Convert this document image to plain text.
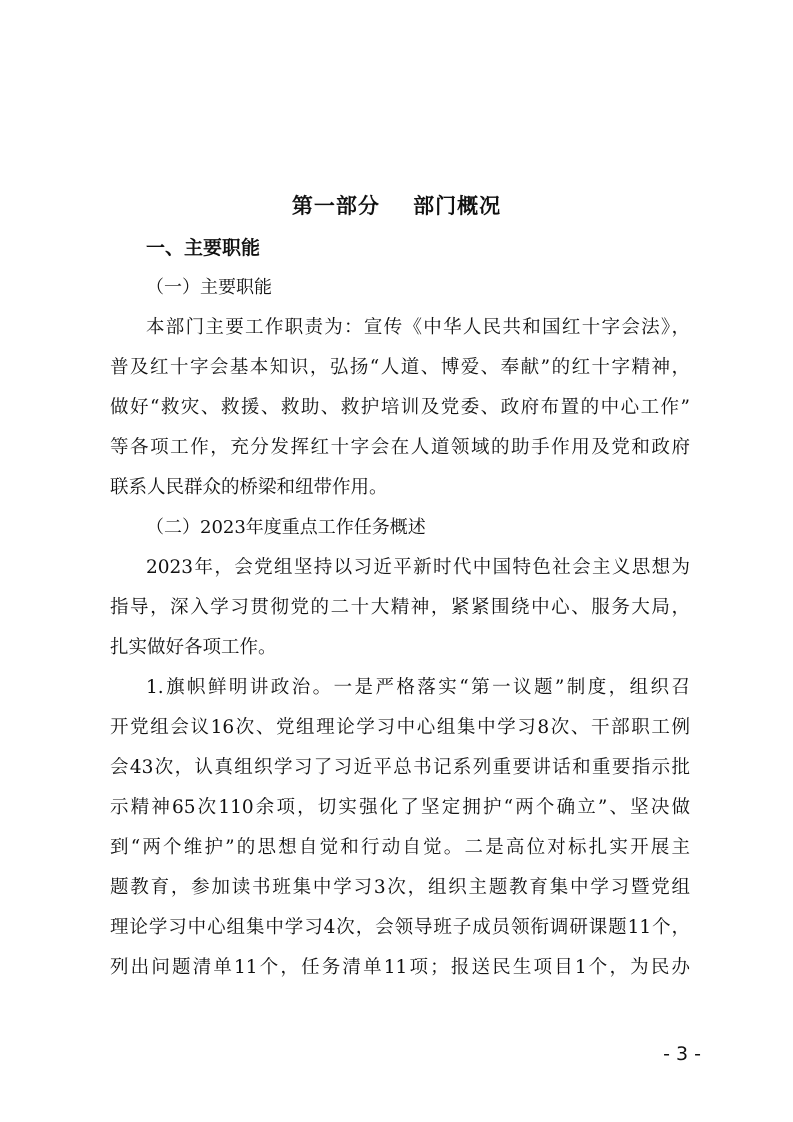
第一部分    部门概况
一、主要职能
（一）主要职能

本部门主要工作职责为：宣传《中华人民共和国红十字会法》，
普及红十字会基本知识，弘扬“人道、博爱、奉献”的红十字精神，
做好“救灾、救援、救助、救护培训及党委、政府布置的中心工作”
等各项工作，充分发挥红十字会在人道领域的助手作用及党和政府
联系人民群众的桥梁和纽带作用。

（二）2023年度重点工作任务概述

2023年，会党组坚持以习近平新时代中国特色社会主义思想为
指导，深入学习贯彻党的二十大精神，紧紧围绕中心、服务大局，
扎实做好各项工作。

1.旗帜鲜明讲政治。一是严格落实“第一议题”制度，组织召
开党组会议16次、党组理论学习中心组集中学习8次、干部职工例
会43次，认真组织学习了习近平总书记系列重要讲话和重要指示批
示精神65次110余项，切实强化了坚定拥护“两个确立”、坚决做
到“两个维护”的思想自觉和行动自觉。二是高位对标扎实开展主
题教育，参加读书班集中学习3次，组织主题教育集中学习暨党组
理论学习中心组集中学习4次，会领导班子成员领衔调研课题11个，
列出问题清单11个，任务清单11项；报送民生项目1个，为民办

- 3 -
